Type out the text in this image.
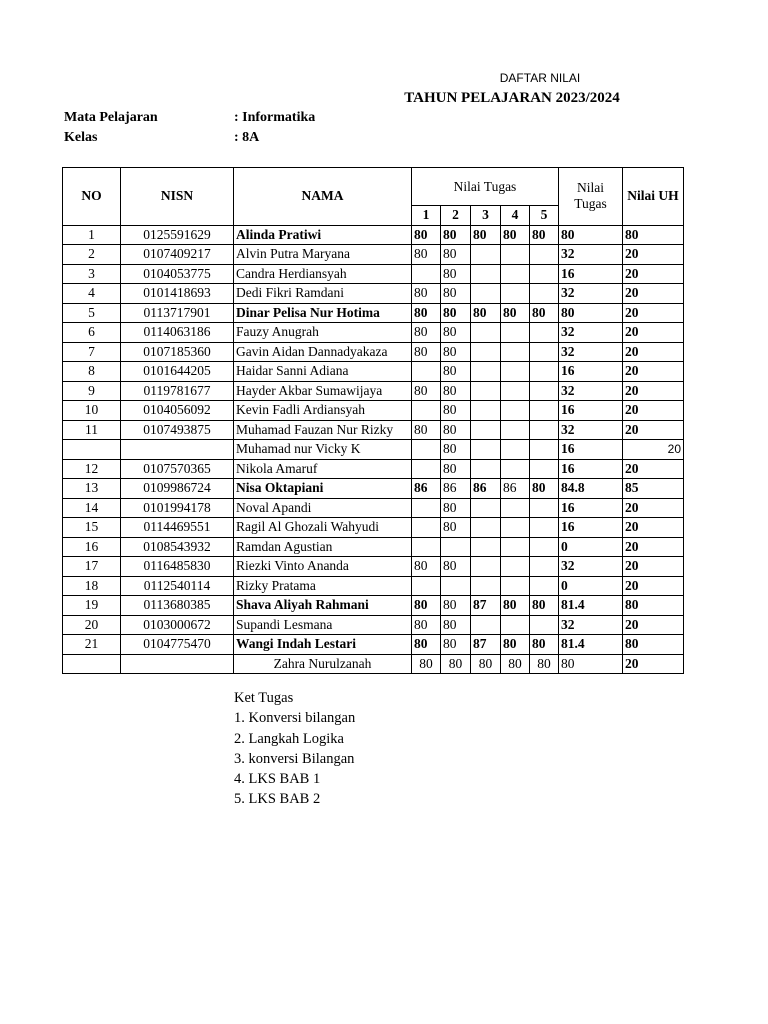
DAFTAR NILAI
TAHUN PELAJARAN 2023/2024
Mata Pelajaran	: Informatika
Kelas	: 8A
NO	NISN	NAMA	Nilai Tugas					Nilai Tugas	Nilai UH
			1	2	3	4	5		
1	0125591629	Alinda Pratiwi	80	80	80	80	80	80	80
2	0107409217	Alvin Putra Maryana	80	80				32	20
3	0104053775	Candra Herdiansyah		80				16	20
4	0101418693	Dedi Fikri Ramdani	80	80				32	20
5	0113717901	Dinar Pelisa Nur Hotima	80	80	80	80	80	80	20
6	0114063186	Fauzy Anugrah	80	80				32	20
7	0107185360	Gavin Aidan Dannadyakaza	80	80				32	20
8	0101644205	Haidar Sanni Adiana		80				16	20
9	0119781677	Hayder Akbar Sumawijaya	80	80				32	20
10	0104056092	Kevin Fadli Ardiansyah		80				16	20
11	0107493875	Muhamad Fauzan Nur Rizky	80	80				32	20
		Muhamad nur Vicky K		80				16	20
12	0107570365	Nikola Amaruf		80				16	20
13	0109986724	Nisa Oktapiani	86	86	86	86	80	84.8	85
14	0101994178	Noval Apandi		80				16	20
15	0114469551	Ragil Al Ghozali Wahyudi		80				16	20
16	0108543932	Ramdan Agustian						0	20
17	0116485830	Riezki Vinto Ananda	80	80				32	20
18	0112540114	Rizky Pratama						0	20
19	0113680385	Shava Aliyah Rahmani	80	80	87	80	80	81.4	80
20	0103000672	Supandi Lesmana	80	80				32	20
21	0104775470	Wangi Indah Lestari	80	80	87	80	80	81.4	80
		Zahra Nurulzanah	80	80	80	80	80	80	20
Ket Tugas
1. Konversi bilangan
2. Langkah Logika
3. konversi Bilangan
4. LKS BAB 1
5. LKS BAB 2
